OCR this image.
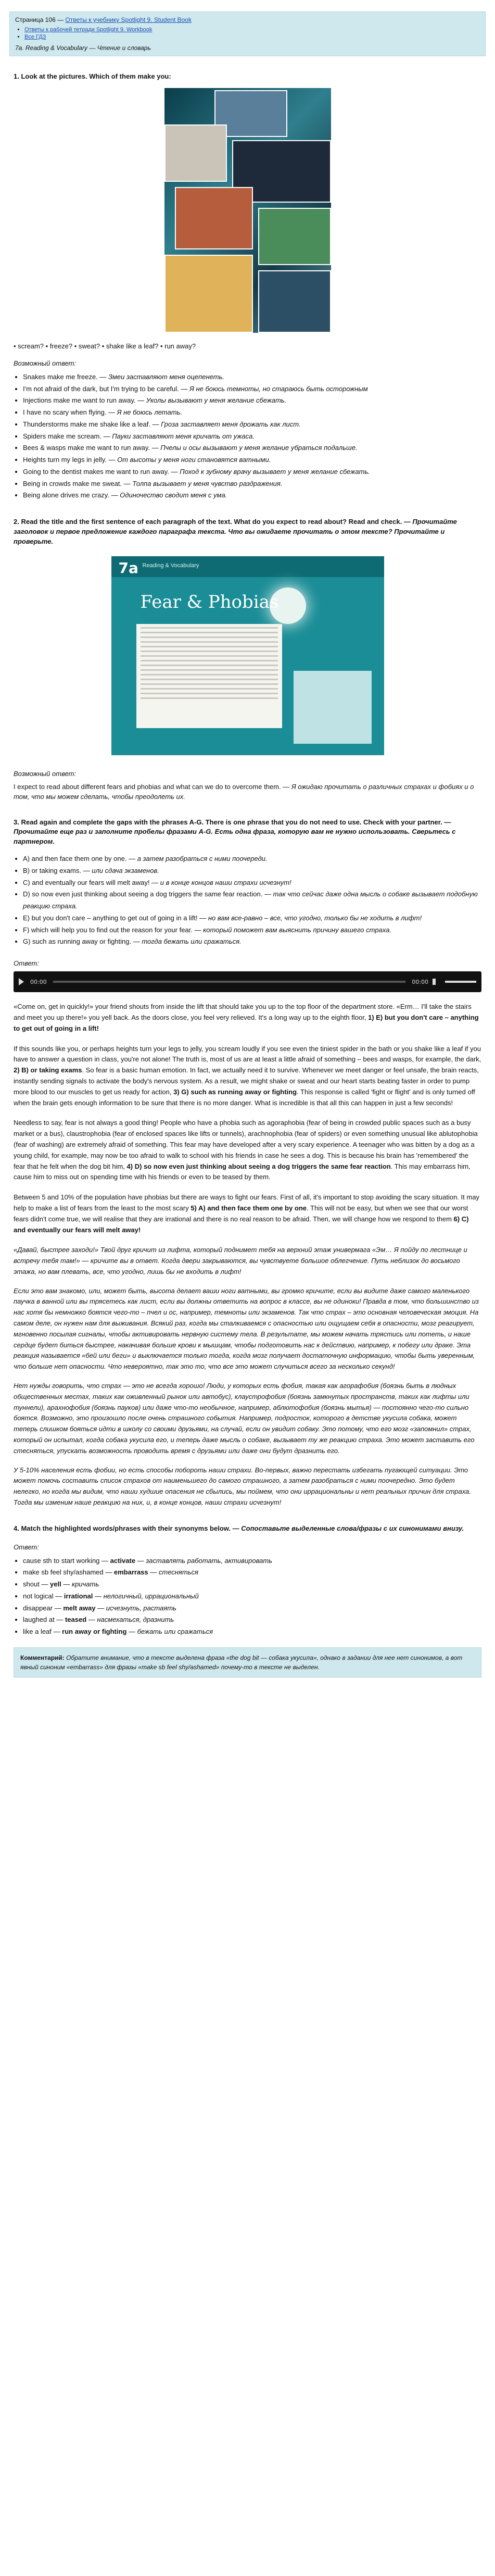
Страница 106 — Ответы к учебнику Spotlight 9. Student Book
• Ответы к рабочей тетради Spotlight 9. Workbook
• Все ГДЗ
7a. Reading & Vocabulary — Чтение и словарь
1. Look at the pictures. Which of them make you:

• scream? • freeze? • sweat? • shake like a leaf? • run away?

Возможный ответ:

• Snakes make me freeze. — Змеи заставляют меня оцепенеть.
• I'm not afraid of the dark, but I'm trying to be careful. — Я не боюсь темноты, но стараюсь быть осторожным
• Injections make me want to run away. — Уколы вызывают у меня желание сбежать.
• I have no scary when flying. — Я не боюсь летать.
• Thunderstorms make me shake like a leaf. — Гроза заставляет меня дрожать как лист.
• Spiders make me scream. — Пауки заставляют меня кричать от ужаса.
• Bees & wasps make me want to run away. — Пчелы и осы вызывают у меня желание убраться подальше.
• Heights turn my legs in jelly. — От высоты у меня ноги становятся ватными.
• Going to the dentist makes me want to run away. — Поход к зубному врачу вызывает у меня желание сбежать.
• Being in crowds make me sweat. — Толпа вызывает у меня чувство раздражения.
• Being alone drives me crazy. — Одиночество сводит меня с ума.
2. Read the title and the first sentence of each paragraph of the text. What do you expect to read about? Read and check. — Прочитайте заголовок и первое предложение каждого параграфа текста. Что вы ожидаете прочитать о этом тексте? Прочитайте и проверьте.
7a Reading & Vocabulary
Fear & Phobias

Возможный ответ:

I expect to read about different fears and phobias and what can we do to overcome them. — Я ожидаю прочитать о различных страхах и фобиях и о том, что мы можем сделать, чтобы преодолеть их.

3. Read again and complete the gaps with the phrases A-G. There is one phrase that you do not need to use. Check with your partner. — Прочитайте еще раз и заполните пробелы фразами A-G. Есть одна фраза, которую вам не нужно использовать. Сверьтесь с партнером.
• A) and then face them one by one. — а затем разобраться с ними поочереди.
• B) or taking exams. — или сдача экзаменов.
• C) and eventually our fears will melt away! — и в конце концов наши страхи исчезнут!
• D) so now even just thinking about seeing a dog triggers the same fear reaction. — так что сейчас даже одна мысль о собаке вызывает подобную реакцию страха.
• E) but you don't care – anything to get out of going in a lift! — но вам все-равно – все, что угодно, только бы не ходить в лифт!
• F) which will help you to find out the reason for your fear. — который поможет вам выяснить причину вашего страха.
• G) such as running away or fighting. — тогда бежать или сражаться.

Ответ:

00:00	00:00

«Come on, get in quickly!» your friend shouts from inside the lift that should take you up to the top floor of the department store. «Erm… I'll take the stairs and meet you up there!» you yell back. As the doors close, you feel very relieved. It's a long way up to the eighth floor, 1) E) but you don't care – anything to get out of going in a lift!

If this sounds like you, or perhaps heights turn your legs to jelly, you scream loudly if you see even the tiniest spider in the bath or you shake like a leaf if you have to answer a question in class, you're not alone! The truth is, most of us are at least a little afraid of something – bees and wasps, for example, the dark, 2) B) or taking exams. So fear is a basic human emotion. In fact, we actually need it to survive. Whenever we meet danger or feel unsafe, the brain reacts, instantly sending signals to activate the body's nervous system. As a result, we might shake or sweat and our heart starts beating faster in order to pump more blood to our muscles to get us ready for action, 3) G) such as running away or fighting. This response is called 'fight or flight' and is only turned off when the brain gets enough information to be sure that there is no more danger. What is incredible is that all this can happen in just a few seconds!

Needless to say, fear is not always a good thing! People who have a phobia such as agoraphobia (fear of being in crowded public spaces such as a busy market or a bus), claustrophobia (fear of enclosed spaces like lifts or tunnels), arachnophobia (fear of spiders) or even something unusual like ablutophobia (fear of washing) are extremely afraid of something. This fear may have developed after a very scary experience. A teenager who was bitten by a dog as a young child, for example, may now be too afraid to walk to school with his friends in case he sees a dog. This is because his brain has 'remembered' the fear that he felt when the dog bit him, 4) D) so now even just thinking about seeing a dog triggers the same fear reaction. This may embarrass him, cause him to miss out on spending time with his friends or even to be teased by them.

Between 5 and 10% of the population have phobias but there are ways to fight our fears. First of all, it's important to stop avoiding the scary situation. It may help to make a list of fears from the least to the most scary 5) A) and then face them one by one. This will not be easy, but when we see that our worst fears didn't come true, we will realise that they are irrational and there is no real reason to be afraid. Then, we will change how we respond to them 6) C) and eventually our fears will melt away!

«Давай, быстрее заходи!» Твой друг кричит из лифта, который поднимет тебя на верхний этаж универмага «Эм… Я пойду по лестнице и встречу тебя там!» — кричите вы в ответ. Когда двери закрываются, вы чувствуете большое облегчение. Путь неблизок до восьмого этажа, но вам плевать, все, что угодно, лишь бы не входить в лифт!

Если это вам знакомо, или, может быть, высота делает ваши ноги ватными, вы громко кричите, если вы видите даже самого маленького паучка в ванной или вы трясетесь как лист, если вы должны ответить на вопрос в классе, вы не одиноки! Правда в том, что большинство из нас хотя бы немножко боятся чего-то – пчел и ос, например, темноты или экзаменов. Так что страх – это основная человеческая эмоция. На самом деле, он нужен нам для выживания. Всякий раз, когда мы сталкиваемся с опасностью или ощущаем себя в опасности, мозг реагирует, мгновенно посылая сигналы, чтобы активировать нервную систему тела. В результате, мы можем начать трястись или потеть, и наше сердце будет биться быстрее, накачивая больше крови к мышцам, чтобы подготовить нас к действию, например, к побегу или драке. Эта реакция называется «бей или беги» и выключается только тогда, когда мозг получает достаточную информацию, чтобы быть уверенным, что больше нет опасности. Что невероятно, так это то, что все это может случиться всего за несколько секунд!

Нет нужды говорить, что страх — это не всегда хорошо! Люди, у которых есть фобия, такая как агорафобия (боязнь быть в людных общественных местах, таких как оживленный рынок или автобус), клаустрофобия (боязнь замкнутых пространств, таких как лифты или туннели), арахнофобия (боязнь пауков) или даже что-то необычное, например, аблютофобия (боязнь мытья) — постоянно чего-то сильно боятся. Возможно, это произошло после очень страшного события. Например, подросток, которого в детстве укусила собака, может теперь слишком бояться идти в школу со своими друзьями, на случай, если он увидит собаку. Это потому, что его мозг «запомнил» страх, который он испытал, когда собака укусила его, и теперь даже мысль о собаке, вызывает ту же реакцию страха. Это может заставить его стесняться, упускать возможность проводить время с друзьями или даже они будут дразнить его.

У 5-10% населения есть фобии, но есть способы побороть наши страхи. Во-первых, важно перестать избегать пугающей ситуации. Это может помочь составить список страхов от наименьшего до самого страшного, а затем разобраться с ними поочередно. Это будет нелегко, но когда мы видим, что наши худшие опасения не сбылись, мы поймем, что они иррациональны и нет реальных причин для страха. Тогда мы изменим наше реакцию на них, и, в конце концов, наши страхи исчезнут!

4. Match the highlighted words/phrases with their synonyms below. — Сопоставьте выделенные слова/фразы с их синонимами внизу.

Ответ:

• cause sth to start working — activate — заставлять работать, активировать
• make sb feel shy/ashamed — embarrass — стесняться
• shout — yell — кричать
• not logical — irrational — нелогичный, иррациональный
• disappear — melt away — исчезнуть, растаять
• laughed at — teased — насмехаться, дразнить
• like a leaf — run away or fighting — бежать или сражаться
Комментарий: Обратите внимание, что в тексте выделена фраза «the dog bit — собака укусила», однако в задании для нее нет синонимов, а вот явный синоним «embarrass» для фразы «make sb feel shy/ashamed» почему-то в тексте не выделен.
